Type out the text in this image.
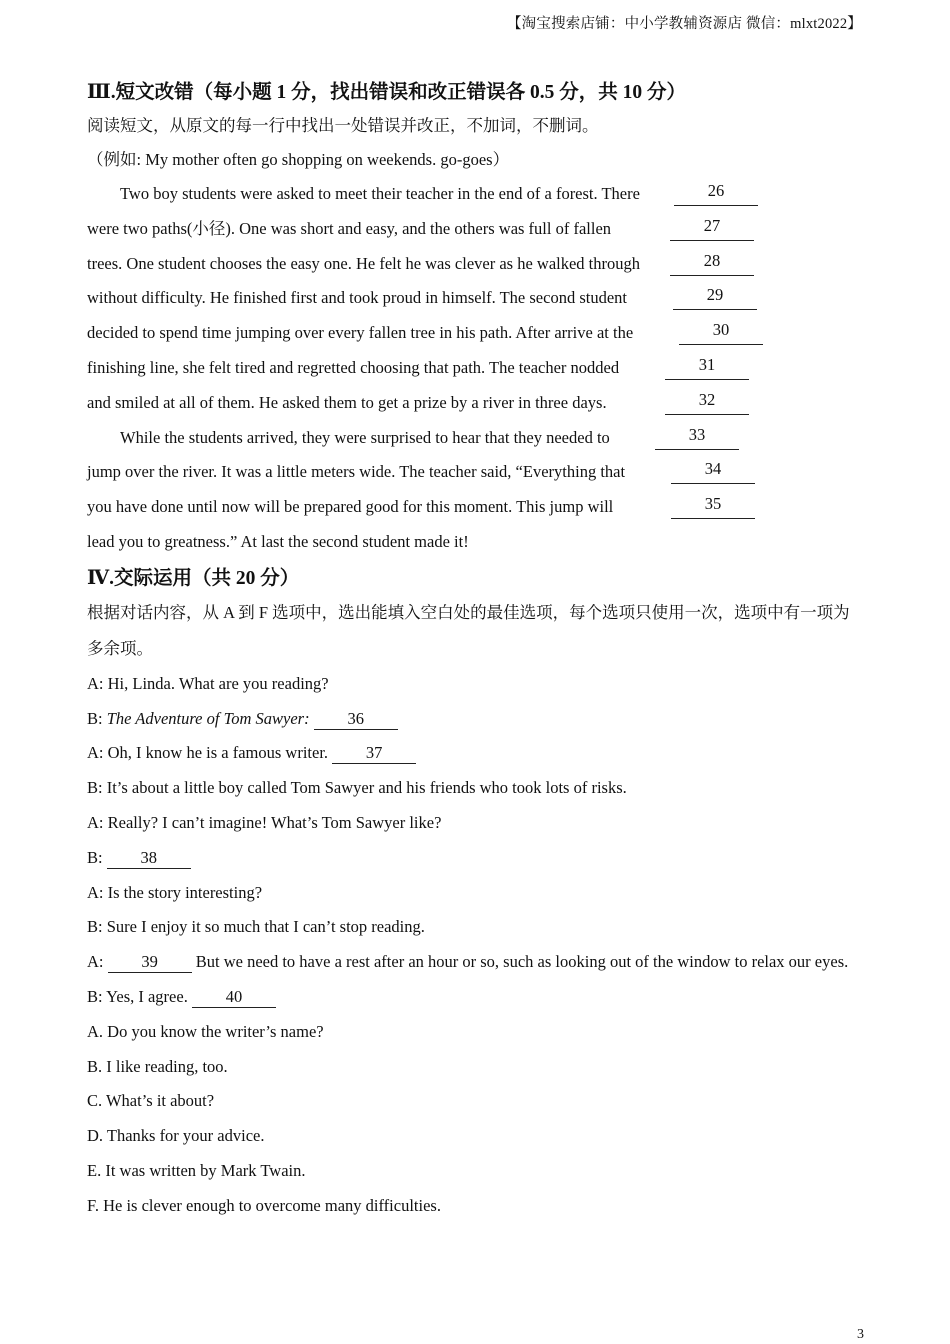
【淘宝搜索店铺：中小学教辅资源店 微信：mlxt2022】
Ⅲ.短文改错（每小题 1 分，找出错误和改正错误各 0.5 分，共 10 分）
阅读短文，从原文的每一行中找出一处错误并改正，不加词，不删词。
（例如: My mother often go shopping on weekends. go-goes）
Two boy students were asked to meet their teacher in the end of a forest. There	26
were two paths(小径). One was short and easy, and the others was full of fallen	27
trees. One student chooses the easy one. He felt he was clever as he walked through	28
without difficulty. He finished first and took proud in himself. The second student	29
decided to spend time jumping over every fallen tree in his path. After arrive at the	30
finishing line, she felt tired and regretted choosing that path. The teacher nodded	31
and smiled at all of them. He asked them to get a prize by a river in three days.	32
While the students arrived, they were surprised to hear that they needed to	33
jump over the river. It was a little meters wide. The teacher said, “Everything that	34
you have done until now will be prepared good for this moment. This jump will	35
lead you to greatness.” At last the second student made it!
Ⅳ.交际运用（共 20 分）
根据对话内容，从 A 到 F 选项中，选出能填入空白处的最佳选项，每个选项只使用一次，选项中有一项为
多余项。
A: Hi, Linda. What are you reading?
B: The Adventure of Tom Sawyer: 36
A: Oh, I know he is a famous writer. 37
B: It’s about a little boy called Tom Sawyer and his friends who took lots of risks.
A: Really? I can’t imagine! What’s Tom Sawyer like?
B: 38
A: Is the story interesting?
B: Sure I enjoy it so much that I can’t stop reading.
A: 39 But we need to have a rest after an hour or so, such as looking out of the window to relax our eyes.
B: Yes, I agree. 40
A. Do you know the writer’s name?
B. I like reading, too.
C. What’s it about?
D. Thanks for your advice.
E. It was written by Mark Twain.
F. He is clever enough to overcome many difficulties.
3
